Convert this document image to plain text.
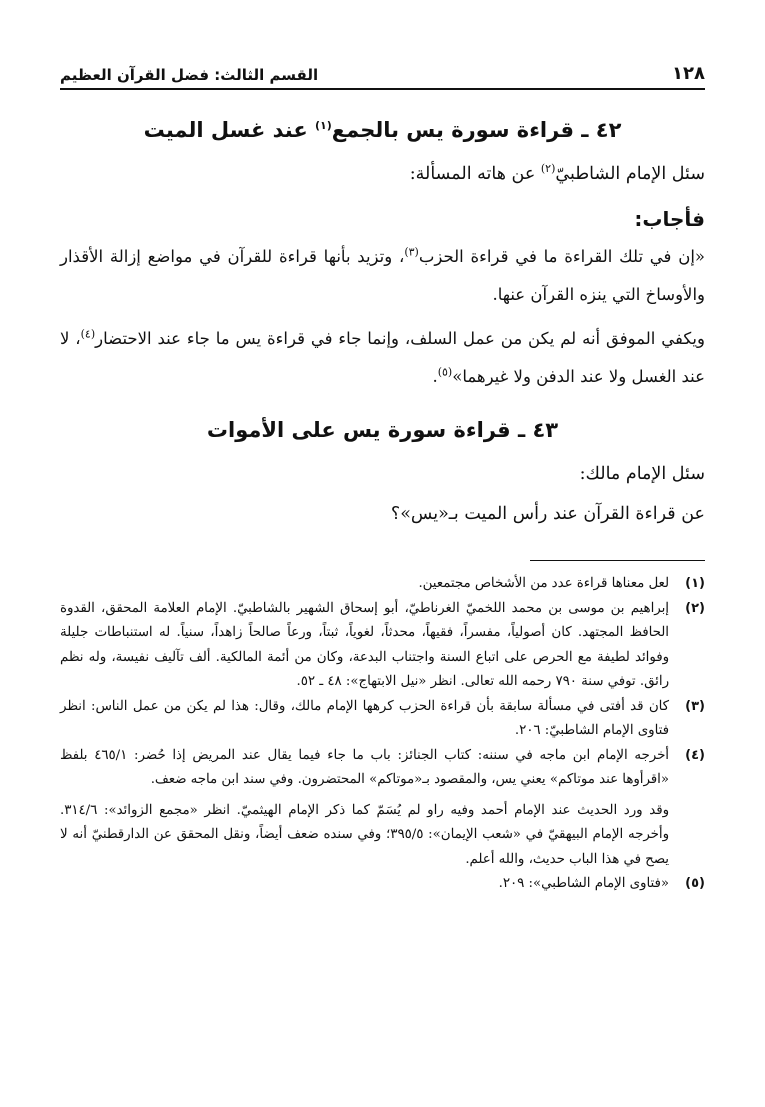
١٢٨
القسم الثالث: فضل القرآن العظيم
٤٢ ـ قراءة سورة يس بالجمع$^{(١)}$ عند غسل الميت

سئل الإمام الشاطبيّ$^{(٢)}$ عن هاته المسألة:

فأجاب:

«إن في تلك القراءة ما في قراءة الحزب$^{(٣)}$، وتزيد بأنها قراءة للقرآن في مواضع إزالة الأقذار والأوساخ التي ينزه القرآن عنها.

ويكفي الموفق أنه لم يكن من عمل السلف، وإنما جاء في قراءة يس ما جاء عند الاحتضار$^{(٤)}$، لا عند الغسل ولا عند الدفن ولا غيرهما»$^{(٥)}$.

٤٣ ـ قراءة سورة يس على الأموات

سئل الإمام مالك:

عن قراءة القرآن عند رأس الميت بـ«يس»؟

(١)

لعل معناها قراءة عدد من الأشخاص مجتمعين.

(٢)

إبراهيم بن موسى بن محمد اللخميّ الغرناطيّ، أبو إسحاق الشهير بالشاطبيّ. الإمام العلامة المحقق، القدوة الحافظ المجتهد. كان أصولياً، مفسراً، فقيهاً، محدثاً، لغوياً، ثبتاً، ورعاً صالحاً زاهداً، سنياً. له استنباطات جليلة وفوائد لطيفة مع الحرص على اتباع السنة واجتناب البدعة، وكان من أئمة المالكية. ألف تآليف نفيسة، وله نظم رائق. توفي سنة ٧٩٠ رحمه الله تعالى. انظر «نيل الابتهاج»: ٤٨ ـ ٥٢.

(٣)

كان قد أفتى في مسألة سابقة بأن قراءة الحزب كرهها الإمام مالك، وقال: هذا لم يكن من عمل الناس: انظر فتاوى الإمام الشاطبيّ: ٢٠٦.

(٤)

أخرجه الإمام ابن ماجه في سننه: كتاب الجنائز: باب ما جاء فيما يقال عند المريض إذا حُضر: ٤٦٥/١ بلفظ «اقرأوها عند موتاكم» يعني يس، والمقصود بـ«موتاكم» المحتضرون. وفي سند ابن ماجه ضعف.

وقد ورد الحديث عند الإمام أحمد وفيه راو لم يُسَمّ كما ذكر الإمام الهيثميّ. انظر «مجمع الزوائد»: ٣١٤/٦. وأخرجه الإمام البيهقيّ في «شعب الإيمان»: ٣٩٥/٥؛ وفي سنده ضعف أيضاً، ونقل المحقق عن الدارقطنيّ أنه لا يصح في هذا الباب حديث، والله أعلم.

(٥)

«فتاوى الإمام الشاطبي»: ٢٠٩.
